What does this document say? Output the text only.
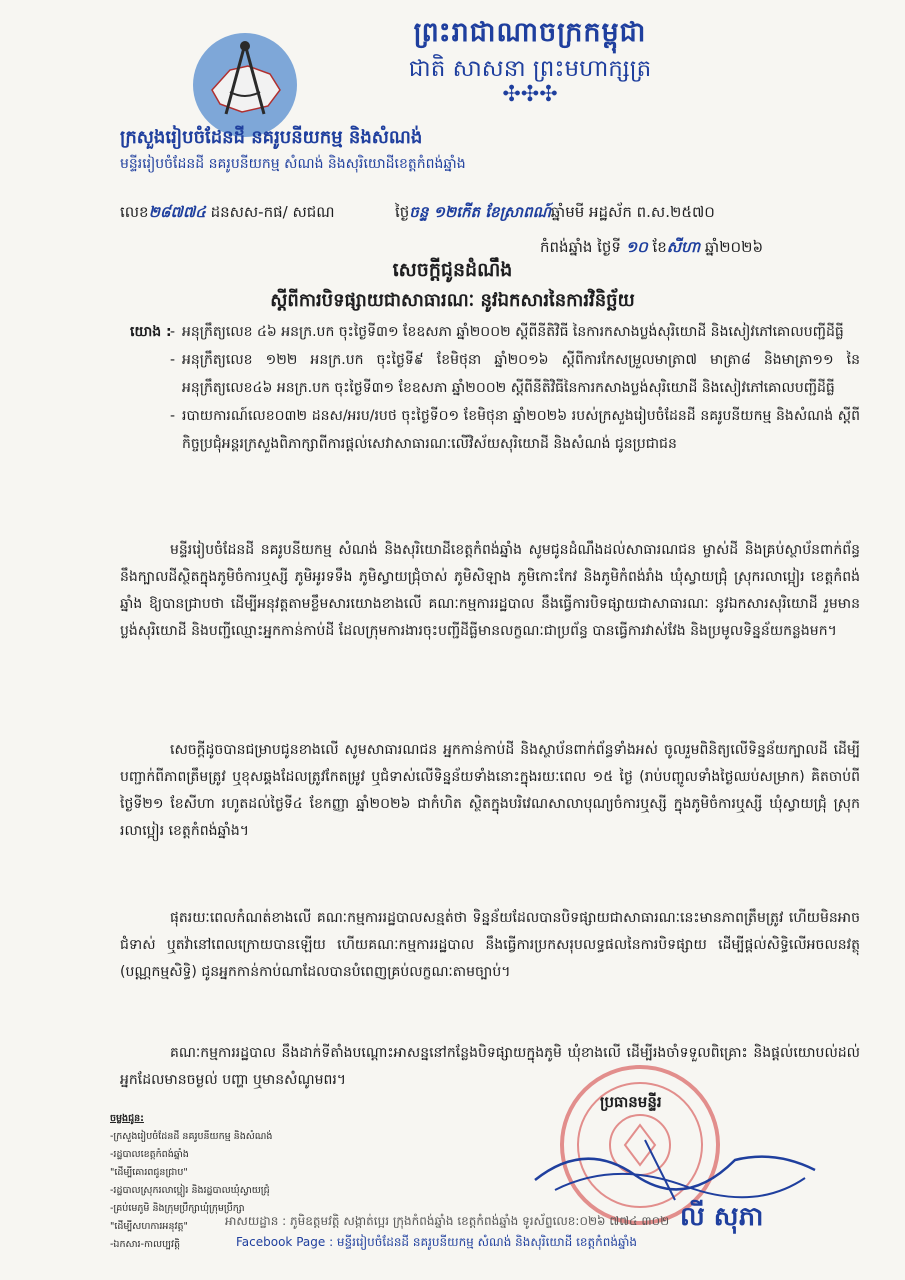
ព្រះរាជាណាចក្រកម្ពុជា
ជាតិ សាសនា ព្រះមហាក្សត្រ
✣✣✣
ក្រសួងរៀបចំដែនដី នគរូបនីយកម្ម និងសំណង់
មន្ទីររៀបចំដែនដី នគរូបនីយកម្ម សំណង់ និងសុរិយោដីខេត្តកំពង់ឆ្នាំង
លេខ២៨៧៧៤ ដនសស-កផ/ សជណ	ថ្ងៃចន្ទ ១២កើត ខែស្រាពណ៍ឆ្នាំមមី អដ្ឋស័ក ព.ស.២៥៧០
កំពង់ឆ្នាំង ថ្ងៃទី ១០ ខែសីហា ឆ្នាំ២០២៦
សេចក្តីជូនដំណឹង
ស្តីពីការបិទផ្សាយជាសាធារណៈ នូវឯកសារនៃការវិនិច្ឆ័យ
យោង :
- អនុក្រឹត្យលេខ ៤៦ អនក្រ.បក ចុះថ្ងៃទី៣១ ខែឧសភា ឆ្នាំ២០០២ ស្តីពីនីតិវិធី នៃការកសាងប្លង់សុរិយោដី និងសៀវភៅគោលបញ្ជីដីធ្លី
- អនុក្រឹត្យលេខ ១២២ អនក្រ.បក ចុះថ្ងៃទី៩ ខែមិថុនា ឆ្នាំ២០១៦ ស្តីពីការកែសម្រួលមាត្រា៧ មាត្រា៨ និងមាត្រា១១ នៃអនុក្រឹត្យលេខ៤៦ អនក្រ.បក ចុះថ្ងៃទី៣១ ខែឧសភា ឆ្នាំ២០០២ ស្តីពីនីតិវិធីនៃការកសាងប្លង់សុរិយោដី និងសៀវភៅគោលបញ្ជីដីធ្លី
- របាយការណ៍លេខ០៣២ ដនស/អរប/របថ ចុះថ្ងៃទី០១ ខែមិថុនា ឆ្នាំ២០២៦ របស់ក្រសួងរៀបចំដែនដី នគរូបនីយកម្ម និងសំណង់ ស្តីពីកិច្ចប្រជុំអន្តរក្រសួងពិភាក្សាពីការផ្តល់សេវាសាធារណៈលើវិស័យសុរិយោដី និងសំណង់ ជូនប្រជាជន
មន្ទីររៀបចំដែនដី នគរូបនីយកម្ម សំណង់ និងសុរិយោដីខេត្តកំពង់ឆ្នាំង សូមជូនដំណឹងដល់សាធារណជន ម្ចាស់ដី និងគ្រប់ស្ថាប័នពាក់ព័ន្ធនឹងក្បាលដីស្ថិតក្នុងភូមិចំការឬស្សី ភូមិអូរទទឹង ភូមិស្វាយជ្រុំចាស់ ភូមិសិឡាង ភូមិកោះកែវ និងភូមិកំពង់រាំង ឃុំស្វាយជ្រុំ ស្រុករលាប្អៀរ ខេត្តកំពង់ឆ្នាំង ឱ្យបានជ្រាបថា ដើម្បីអនុវត្តតាមខ្លឹមសារយោងខាងលើ គណៈកម្មការរដ្ឋបាល នឹងធ្វើការបិទផ្សាយជាសាធារណៈ នូវឯកសារសុរិយោដី រួមមានប្លង់សុរិយោដី និងបញ្ជីឈ្មោះអ្នកកាន់កាប់ដី ដែលក្រុមការងារចុះបញ្ជីដីធ្លីមានលក្ខណៈជាប្រព័ន្ធ បានធ្វើការវាស់វែង និងប្រមូលទិន្នន័យកន្លងមក។
សេចក្តីដូចបានជម្រាបជូនខាងលើ សូមសាធារណជន អ្នកកាន់កាប់ដី និងស្ថាប័នពាក់ព័ន្ធទាំងអស់ ចូលរួមពិនិត្យលើទិន្នន័យក្បាលដី ដើម្បីបញ្ជាក់ពីភាពត្រឹមត្រូវ ឬខុសឆ្គងដែលត្រូវកែតម្រូវ ឬជំទាស់លើទិន្នន័យទាំងនោះក្នុងរយៈពេល ១៥ ថ្ងៃ (រាប់បញ្ចូលទាំងថ្ងៃឈប់សម្រាក) គិតចាប់ពីថ្ងៃទី២១ ខែសីហា រហូតដល់ថ្ងៃទី៤ ខែកញ្ញា ឆ្នាំ២០២៦ ជាកំហិត ស្ថិតក្នុងបរិវេណសាលាបុណ្យចំការឬស្សី ក្នុងភូមិចំការឬស្សី ឃុំស្វាយជ្រុំ ស្រុករលាប្អៀរ ខេត្តកំពង់ឆ្នាំង។
ផុតរយៈពេលកំណត់ខាងលើ គណៈកម្មការរដ្ឋបាលសន្មត់ថា ទិន្នន័យដែលបានបិទផ្សាយជាសាធារណៈនេះមានភាពត្រឹមត្រូវ ហើយមិនអាចជំទាស់ ឬតវ៉ានៅពេលក្រោយបានឡើយ ហើយគណៈកម្មការរដ្ឋបាល នឹងធ្វើការប្រកសរុបលទ្ធផលនៃការបិទផ្សាយ ដើម្បីផ្តល់សិទ្ធិលើអចលនវត្ថុ (បណ្ណកម្មសិទ្ធិ) ជូនអ្នកកាន់កាប់ណាដែលបានបំពេញគ្រប់លក្ខណៈតាមច្បាប់។
គណៈកម្មការរដ្ឋបាល នឹងដាក់ទីតាំងបណ្តោះអាសន្ននៅកន្លែងបិទផ្សាយក្នុងភូមិ ឃុំខាងលើ ដើម្បីរងចាំទទួលពិគ្រោះ និងផ្តល់យោបល់ដល់អ្នកដែលមានចម្ងល់ បញ្ហា ឬមានសំណូមពរ។
ប្រធានមន្ទីរ
លី សុភា
ចម្លងជូន:
-ក្រសួងរៀបចំដែនដី នគរូបនីយកម្ម និងសំណង់
-រដ្ឋបាលខេត្តកំពង់ឆ្នាំង
"ដើម្បីគោរពជូនជ្រាប"
-រដ្ឋបាលស្រុករលាប្អៀរ និងរដ្ឋបាលឃុំស្វាយជ្រុំ
-គ្រប់មេភូមិ និងក្រុមប្រឹក្សាឃុំក្រុមប្រឹក្សា
"ដើម្បីសហការអនុវត្ត"
-ឯកសារ-កាលប្បវត្តិ
អាសយដ្ឋាន : ភូមិឧត្តមវត្តិ សង្កាត់ប្អេរ ក្រុងកំពង់ឆ្នាំង ខេត្តកំពង់ឆ្នាំង ទូរស័ព្ទលេខ:០២៦ ៧៧៤ ៣០២
Facebook Page : មន្ទីររៀបចំដែនដី នគរូបនីយកម្ម សំណង់ និងសុរិយោដី ខេត្តកំពង់ឆ្នាំង
